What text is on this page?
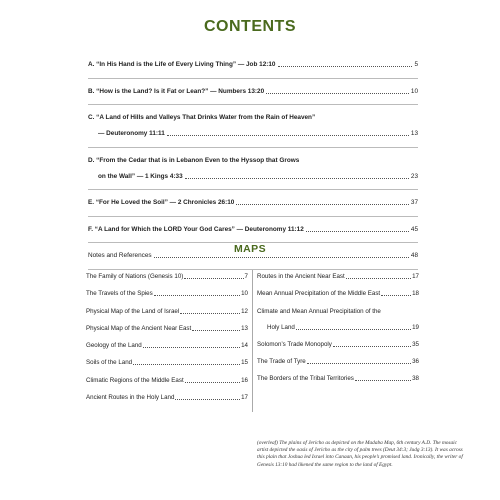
CONTENTS
A. “In His Hand is the Life of Every Living Thing” — Job 12:10	5
B. “How is the Land? Is it Fat or Lean?” — Numbers 13:20	10
C. “A Land of Hills and Valleys That Drinks Water from the Rain of Heaven”
— Deuteronomy 11:11	13
D. “From the Cedar that is in Lebanon Even to the Hyssop that Grows
on the Wall” — 1 Kings 4:33	23
E. “For He Loved the Soil” — 2 Chronicles 26:10	37
F. “A Land for Which the LORD Your God Cares” — Deuteronomy 11:12	45
Notes and References	48
MAPS
The Family of Nations (Genesis 10)	7
The Travels of the Spies	10
Physical Map of the Land of Israel	12
Physical Map of the Ancient Near East	13
Geology of the Land	14
Soils of the Land	15
Climatic Regions of the Middle East	16
Ancient Routes in the Holy Land	17
Routes in the Ancient Near East	17
Mean Annual Precipitation of the Middle East	18
Climate and Mean Annual Precipitation of the
Holy Land	19
Solomon’s Trade Monopoly	35
The Trade of Tyre	36
The Borders of the Tribal Territories	38
(overleaf) The plains of Jericho as depicted on the Madaba Map, 6th century A.D. The mosaic artist depicted the oasis of Jericho as the city of palm trees (Deut 34:3; Judg 3:13). It was across this plain that Joshua led Israel into Canaan, his people’s promised land. Ironically, the writer of Genesis 13:10 had likened the same region to the land of Egypt.
